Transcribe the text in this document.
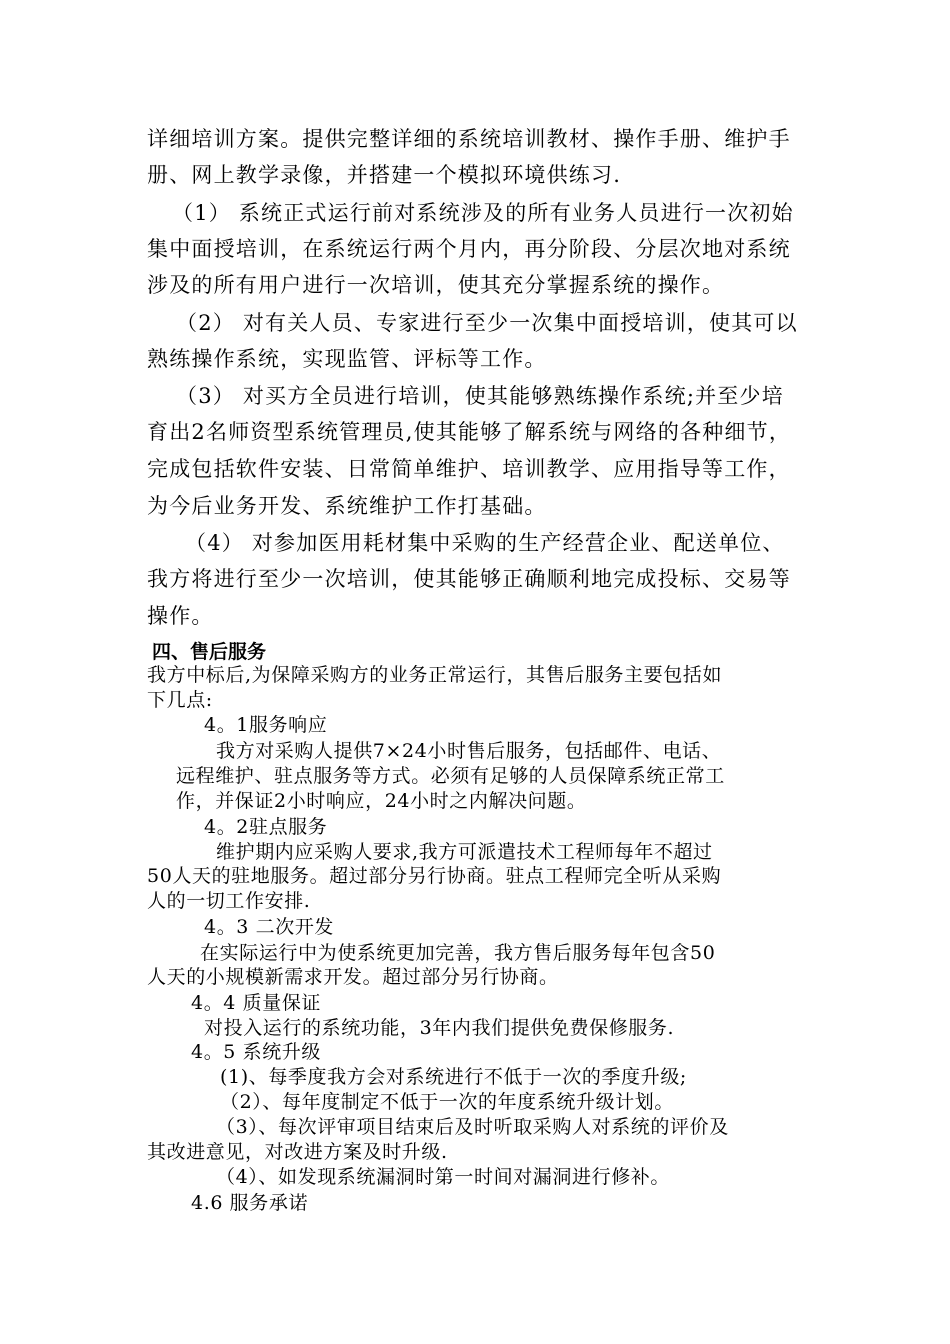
详细培训方案。提供完整详细的系统培训教材、操作手册、维护手
册、网上教学录像，并搭建一个模拟环境供练习.
（1） 系统正式运行前对系统涉及的所有业务人员进行一次初始
集中面授培训，在系统运行两个月内，再分阶段、分层次地对系统
涉及的所有用户进行一次培训，使其充分掌握系统的操作。
（2） 对有关人员、专家进行至少一次集中面授培训，使其可以
熟练操作系统，实现监管、评标等工作。
（3） 对买方全员进行培训，使其能够熟练操作系统;并至少培
育出2名师资型系统管理员,使其能够了解系统与网络的各种细节，
完成包括软件安装、日常简单维护、培训教学、应用指导等工作，
为今后业务开发、系统维护工作打基础。
（4） 对参加医用耗材集中采购的生产经营企业、配送单位、
我方将进行至少一次培训，使其能够正确顺利地完成投标、交易等
操作。
四、售后服务
我方中标后,为保障采购方的业务正常运行，其售后服务主要包括如
下几点:
4。1服务响应
我方对采购人提供7×24小时售后服务，包括邮件、电话、
远程维护、驻点服务等方式。必须有足够的人员保障系统正常工
作，并保证2小时响应，24小时之内解决问题。
4。2驻点服务
维护期内应采购人要求,我方可派遣技术工程师每年不超过
50人天的驻地服务。超过部分另行协商。驻点工程师完全听从采购
人的一切工作安排.
4。3 二次开发
在实际运行中为使系统更加完善，我方售后服务每年包含50
人天的小规模新需求开发。超过部分另行协商。
4。4 质量保证
对投入运行的系统功能，3年内我们提供免费保修服务.
4。5 系统升级
(1)、每季度我方会对系统进行不低于一次的季度升级;
（2）、每年度制定不低于一次的年度系统升级计划。
（3）、每次评审项目结束后及时听取采购人对系统的评价及
其改进意见，对改进方案及时升级.
（4）、如发现系统漏洞时第一时间对漏洞进行修补。
4.6 服务承诺
